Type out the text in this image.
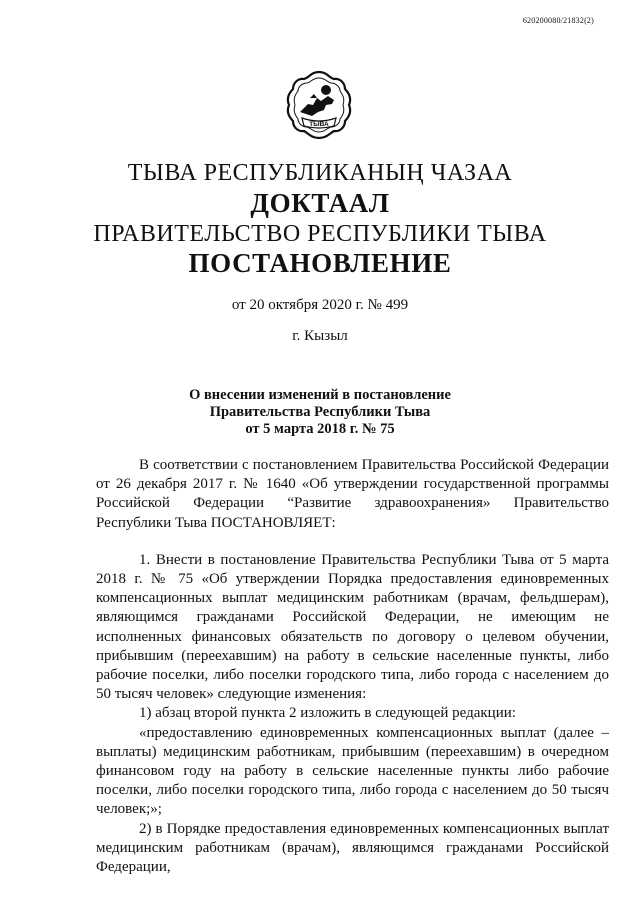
620200080/21832(2)
ТЫВА
ТЫВА РЕСПУБЛИКАНЫҢ ЧАЗАА
ДОКТААЛ
ПРАВИТЕЛЬСТВО РЕСПУБЛИКИ ТЫВА
ПОСТАНОВЛЕНИЕ
от 20 октября 2020 г. № 499
г. Кызыл
О внесении изменений в постановление
Правительства Республики Тыва
от 5 марта 2018 г. № 75

В соответствии с постановлением Правительства Российской Федерации от 26 декабря 2017 г. № 1640 «Об утверждении государственной программы Российской Федерации “Развитие здравоохранения» Правительство Республики Тыва ПОСТАНОВЛЯЕТ:

1. Внести в постановление Правительства Республики Тыва от 5 марта 2018 г. № 75 «Об утверждении Порядка предоставления единовременных компенсационных выплат медицинским работникам (врачам, фельдшерам), являющимся гражданами Российской Федерации, не имеющим не исполненных финансовых обязательств по договору о целевом обучении, прибывшим (переехавшим) на работу в сельские населенные пункты, либо рабочие поселки, либо поселки городского типа, либо города с населением до 50 тысяч человек» следующие изменения:

1) абзац второй пункта 2 изложить в следующей редакции:

«предоставлению единовременных компенсационных выплат (далее – выплаты) медицинским работникам, прибывшим (переехавшим) в очередном финансовом году на работу в сельские населенные пункты либо рабочие поселки, либо поселки городского типа, либо города с населением до 50 тысяч человек;»;

2) в Порядке предоставления единовременных компенсационных выплат медицинским работникам (врачам), являющимся гражданами Российской Федерации,
